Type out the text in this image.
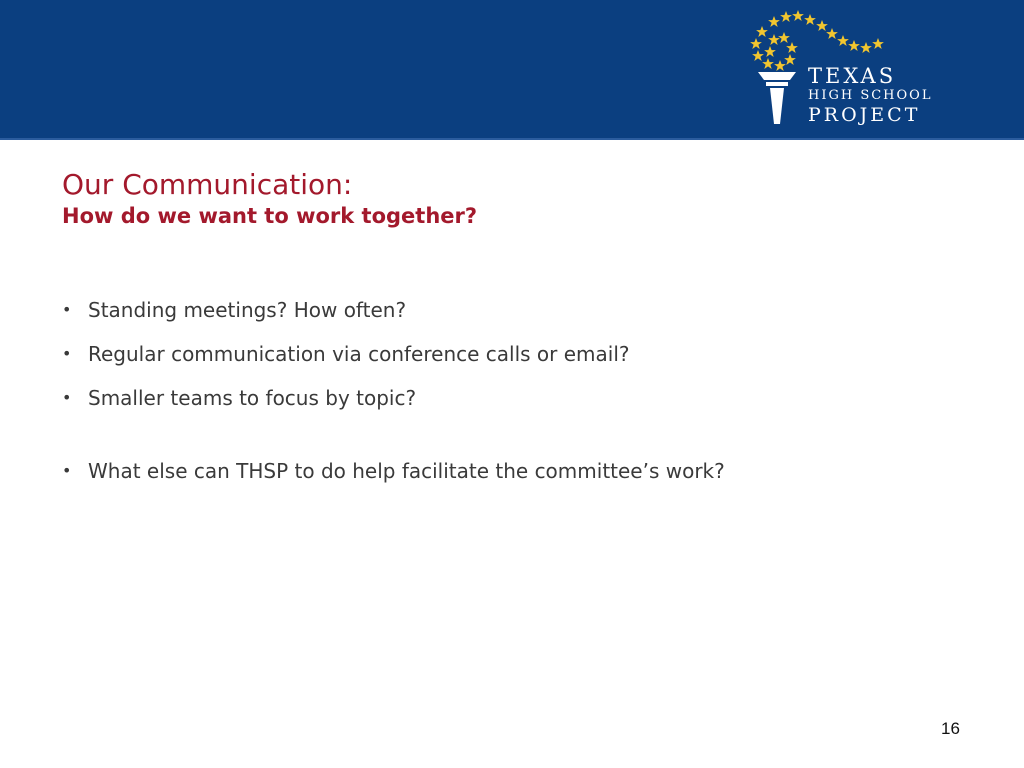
TEXAS
HIGH SCHOOL
PROJECT
Our Communication:
How do we want to work together?
• Standing meetings? How often?
• Regular communication via conference calls or email?
• Smaller teams to focus by topic?
• What else can THSP to do help facilitate the committee’s work?
16
